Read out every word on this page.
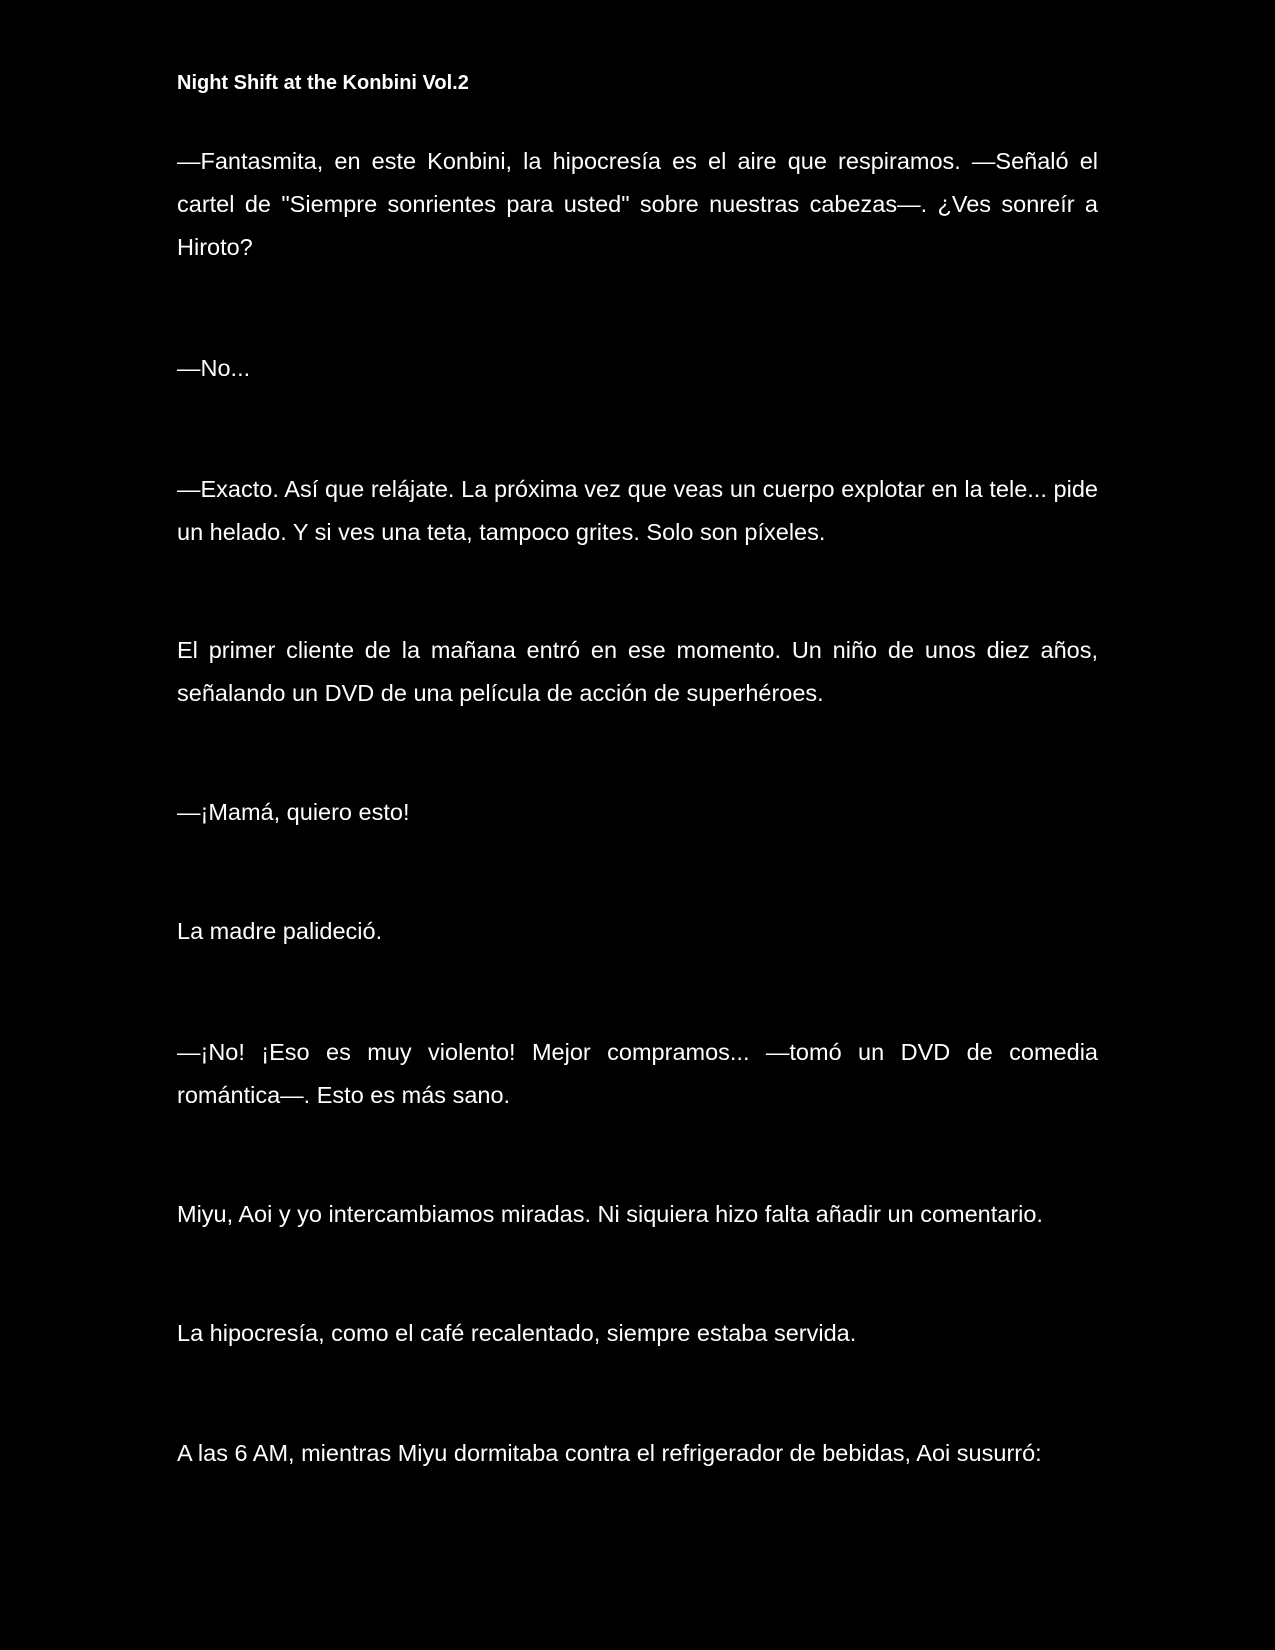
Night Shift at the Konbini Vol.2

—Fantasmita, en este Konbini, la hipocresía es el aire que respiramos. —Señaló el cartel de "Siempre sonrientes para usted" sobre nuestras cabezas—. ¿Ves sonreír a Hiroto?

—No...

—Exacto. Así que relájate. La próxima vez que veas un cuerpo explotar en la tele... pide un helado. Y si ves una teta, tampoco grites. Solo son píxeles.

El primer cliente de la mañana entró en ese momento. Un niño de unos diez años, señalando un DVD de una película de acción de superhéroes.

—¡Mamá, quiero esto!

La madre palideció.

—¡No! ¡Eso es muy violento! Mejor compramos... —tomó un DVD de comedia romántica—. Esto es más sano.

Miyu, Aoi y yo intercambiamos miradas. Ni siquiera hizo falta añadir un comentario.

La hipocresía, como el café recalentado, siempre estaba servida.

A las 6 AM, mientras Miyu dormitaba contra el refrigerador de bebidas, Aoi susurró:
